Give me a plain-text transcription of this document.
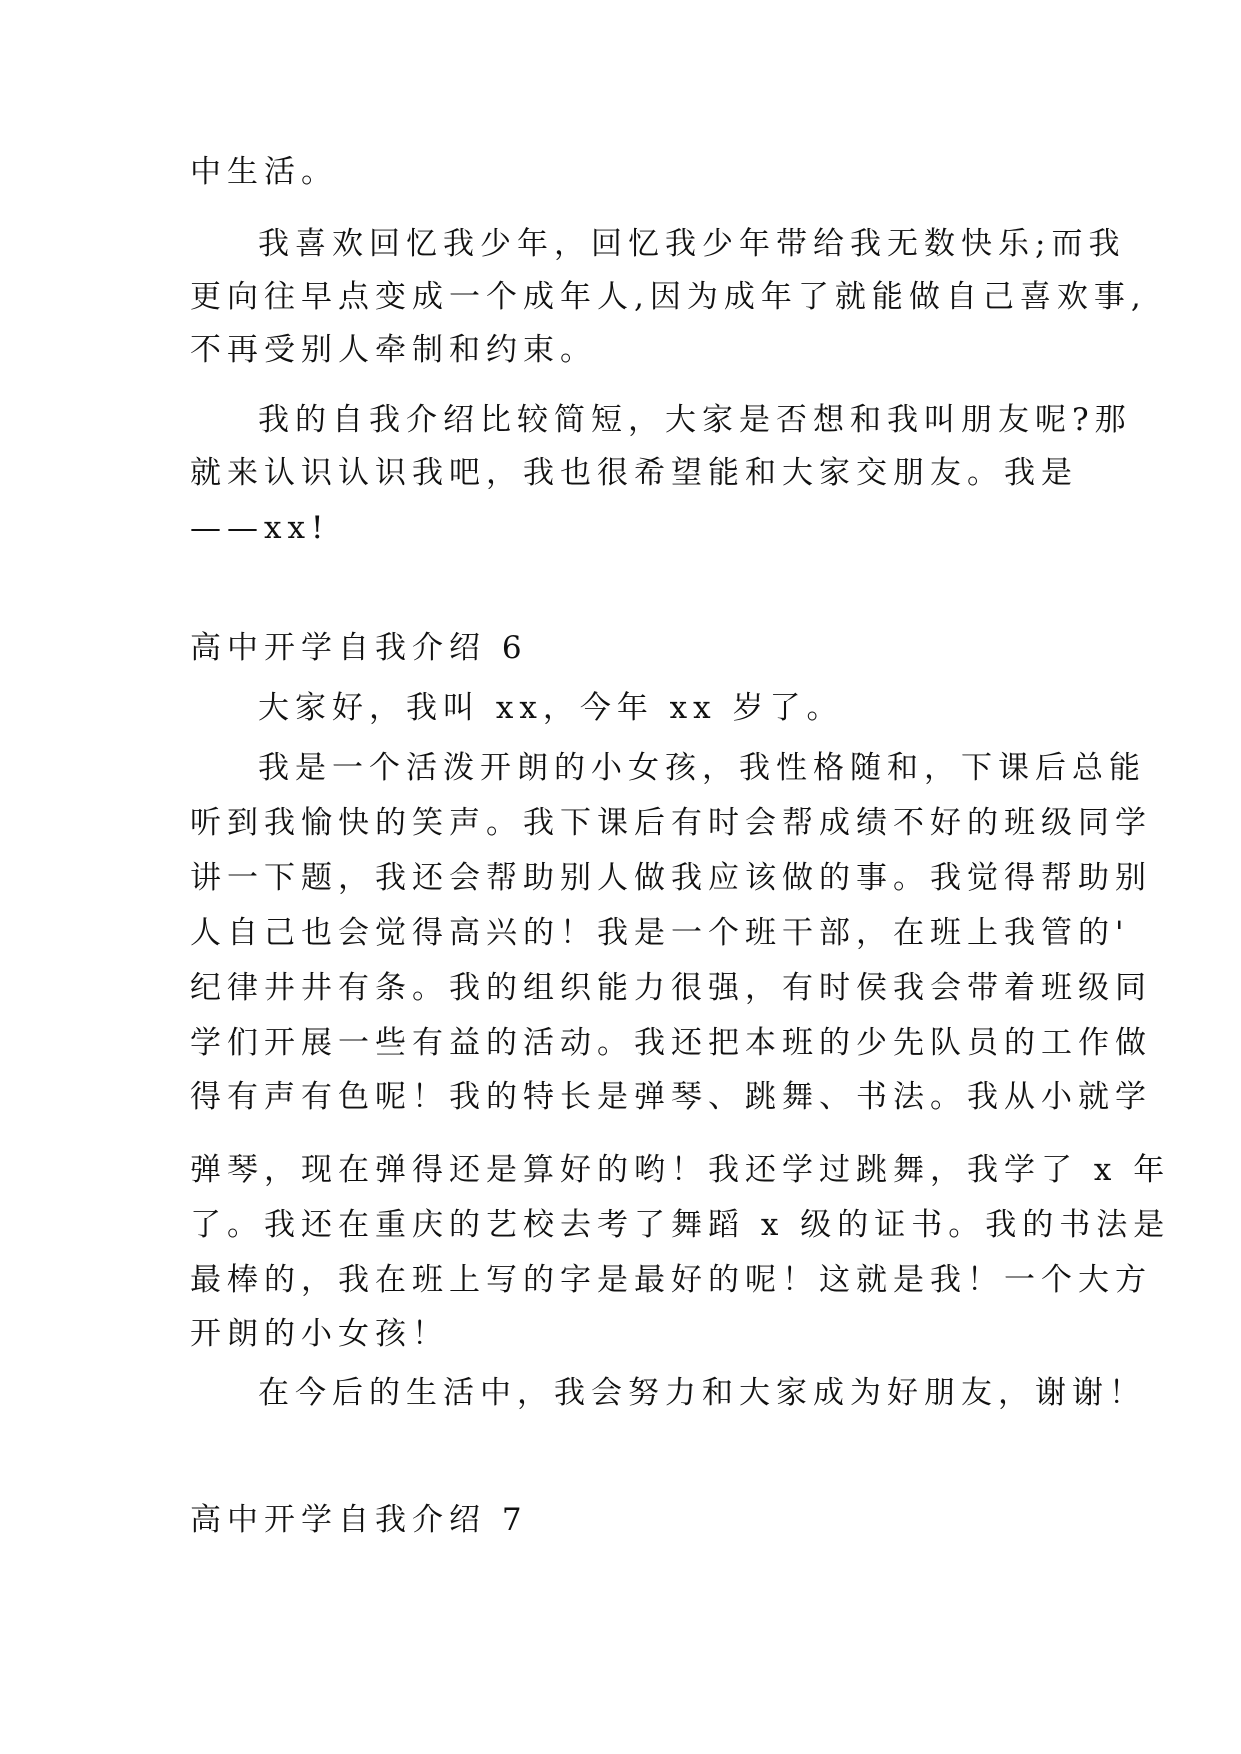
中生活。
我喜欢回忆我少年，回忆我少年带给我无数快乐;而我
更向往早点变成一个成年人,因为成年了就能做自己喜欢事,
不再受别人牵制和约束。
我的自我介绍比较简短，大家是否想和我叫朋友呢?那
就来认识认识我吧，我也很希望能和大家交朋友。我是
——xx!
高中开学自我介绍 6
大家好，我叫 xx，今年 xx 岁了。
我是一个活泼开朗的小女孩，我性格随和，下课后总能
听到我愉快的笑声。我下课后有时会帮成绩不好的班级同学
讲一下题，我还会帮助别人做我应该做的事。我觉得帮助别
人自己也会觉得高兴的！我是一个班干部，在班上我管的'
纪律井井有条。我的组织能力很强，有时侯我会带着班级同
学们开展一些有益的活动。我还把本班的少先队员的工作做
得有声有色呢！我的特长是弹琴、跳舞、书法。我从小就学
弹琴，现在弹得还是算好的哟！我还学过跳舞，我学了 x 年
了。我还在重庆的艺校去考了舞蹈 x 级的证书。我的书法是
最棒的，我在班上写的字是最好的呢！这就是我！一个大方
开朗的小女孩！
在今后的生活中，我会努力和大家成为好朋友，谢谢！
高中开学自我介绍 7
